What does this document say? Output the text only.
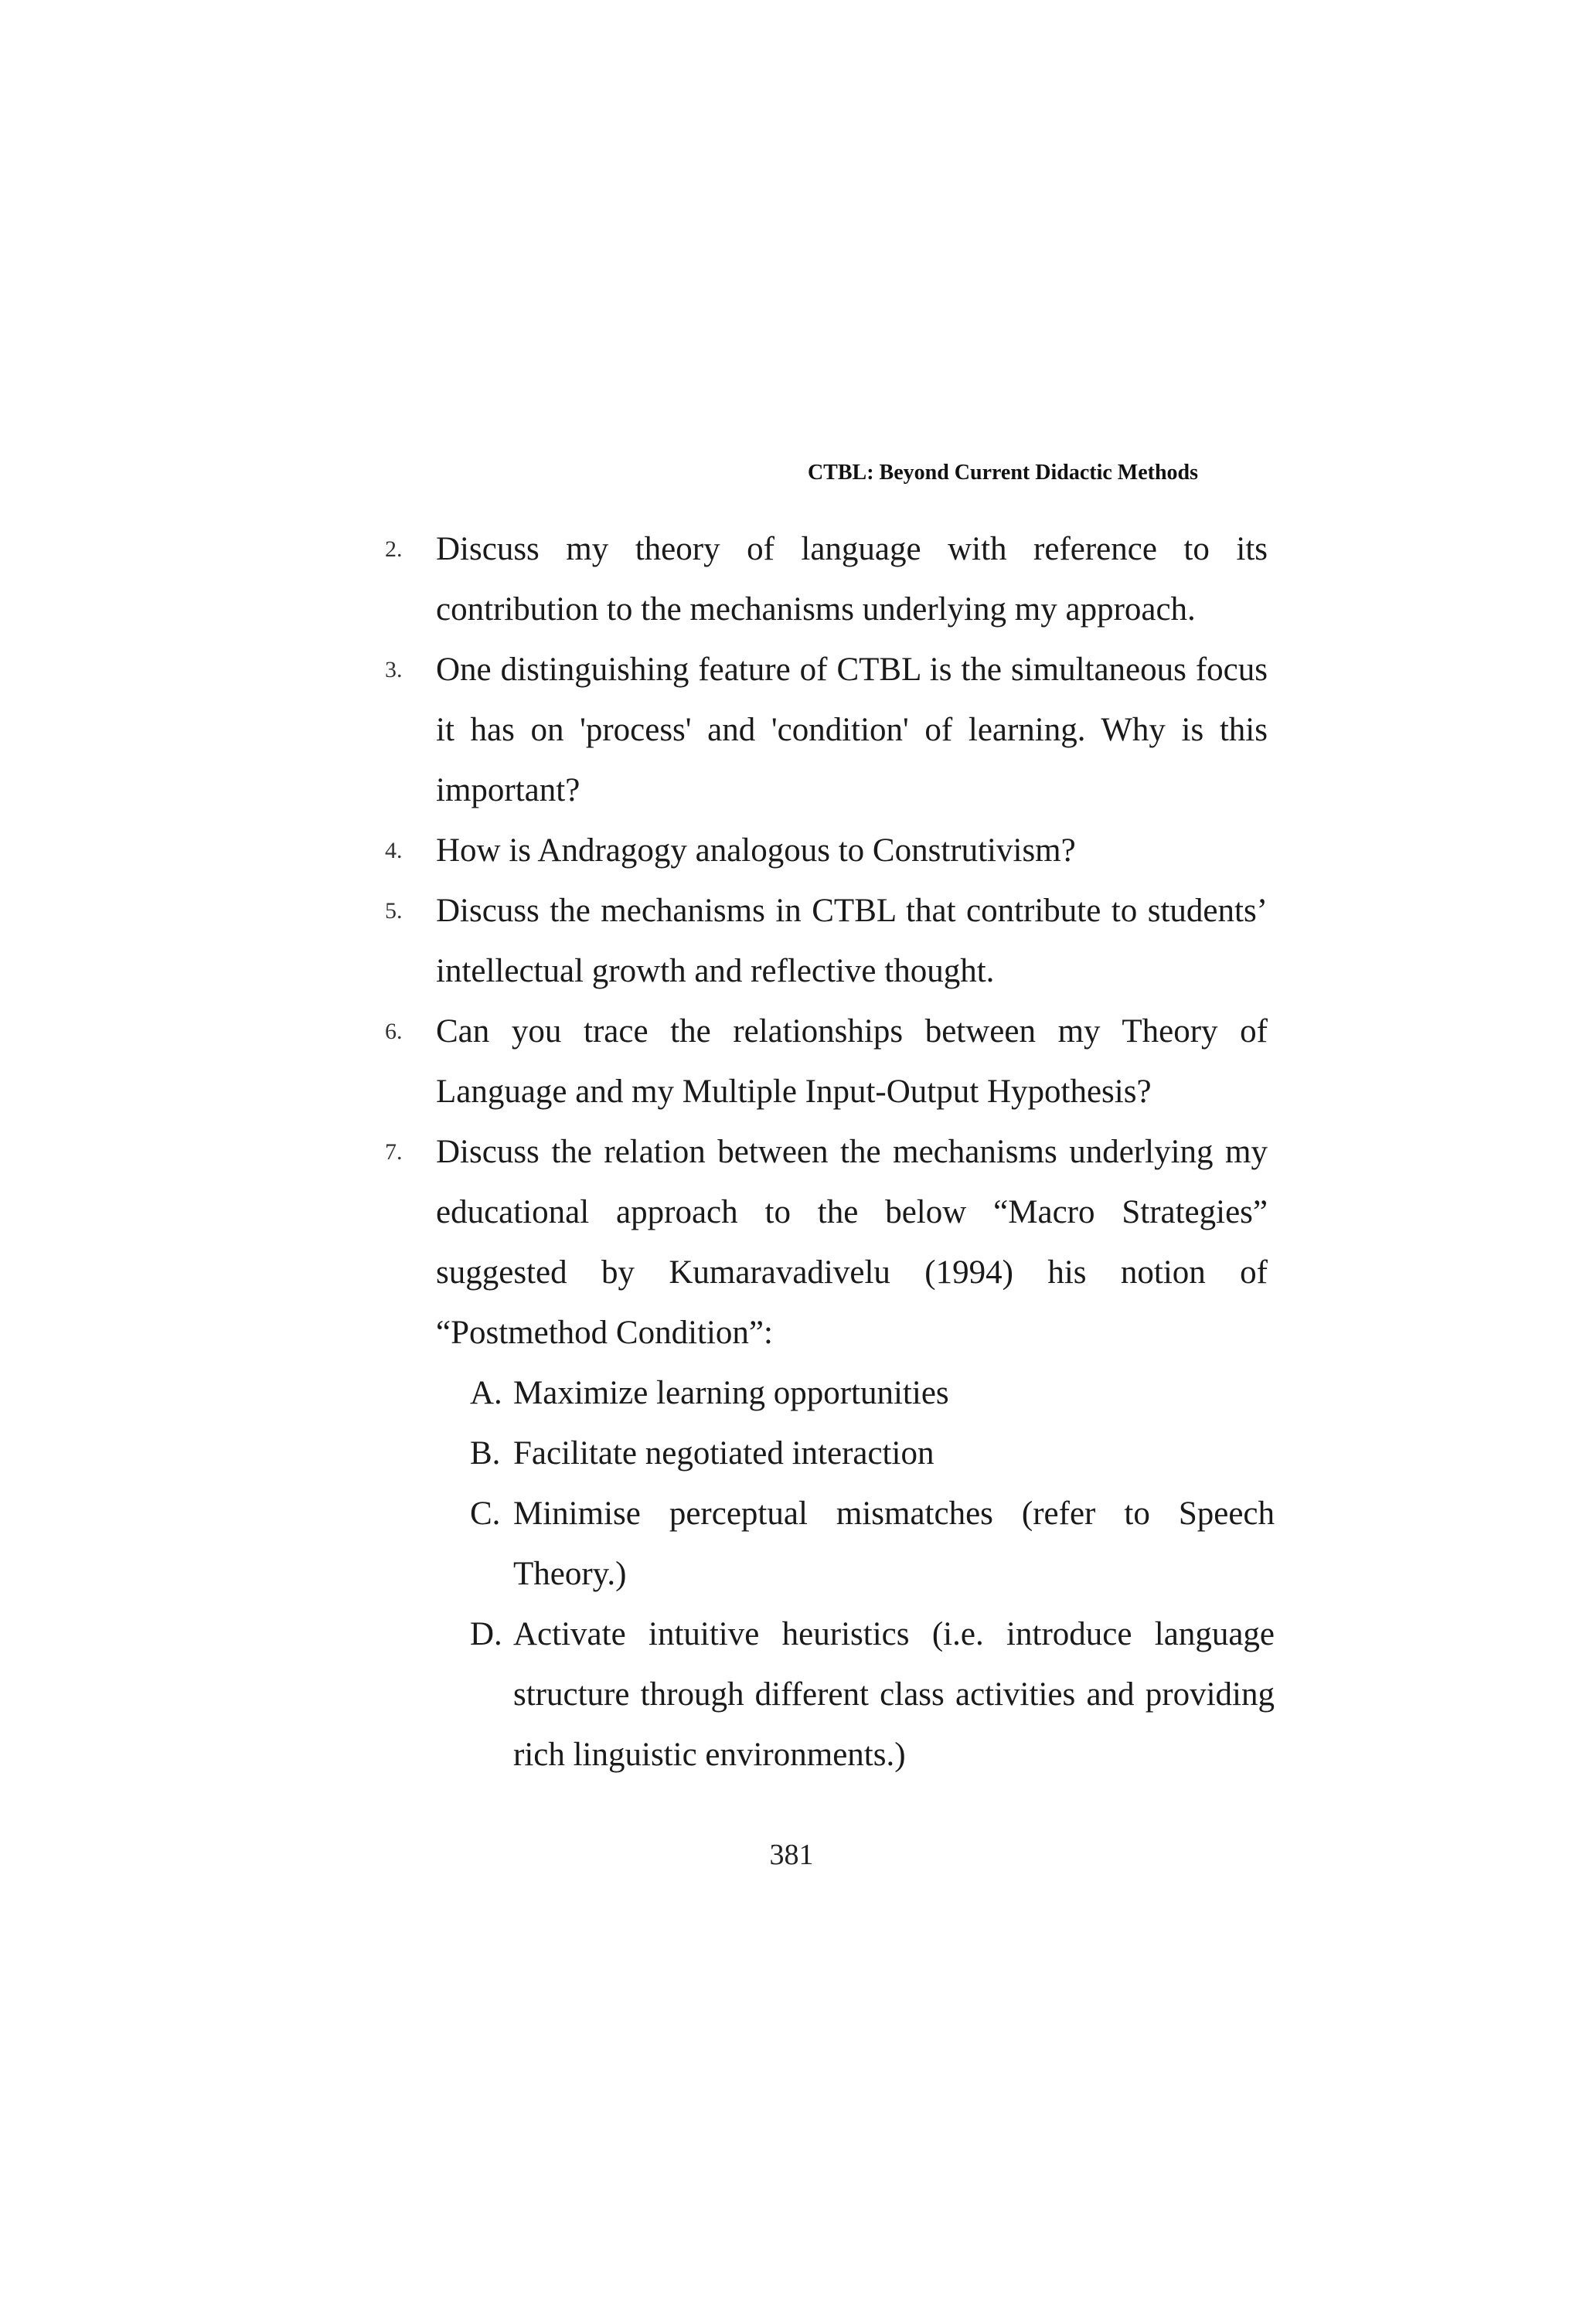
CTBL: Beyond Current Didactic Methods
2. Discuss my theory of language with reference to its contribution to the mechanisms underlying my approach.
3. One distinguishing feature of CTBL is the simultaneous focus it has on 'process' and 'condition' of learning. Why is this important?
4. How is Andragogy analogous to Construtivism?
5. Discuss the mechanisms in CTBL that contribute to students’ intellectual growth and reflective thought.
6. Can you trace the relationships between my Theory of Language and my Multiple Input-Output Hypothesis?
7. Discuss the relation between the mechanisms underlying my educational approach to the below “Macro Strategies” suggested by Kumaravadivelu (1994) his notion of “Postmethod Condition”:
A. Maximize learning opportunities
B. Facilitate negotiated interaction
C. Minimise perceptual mismatches (refer to Speech Theory.)
D. Activate intuitive heuristics (i.e. introduce language structure through different class activities and providing rich linguistic environments.)
381
